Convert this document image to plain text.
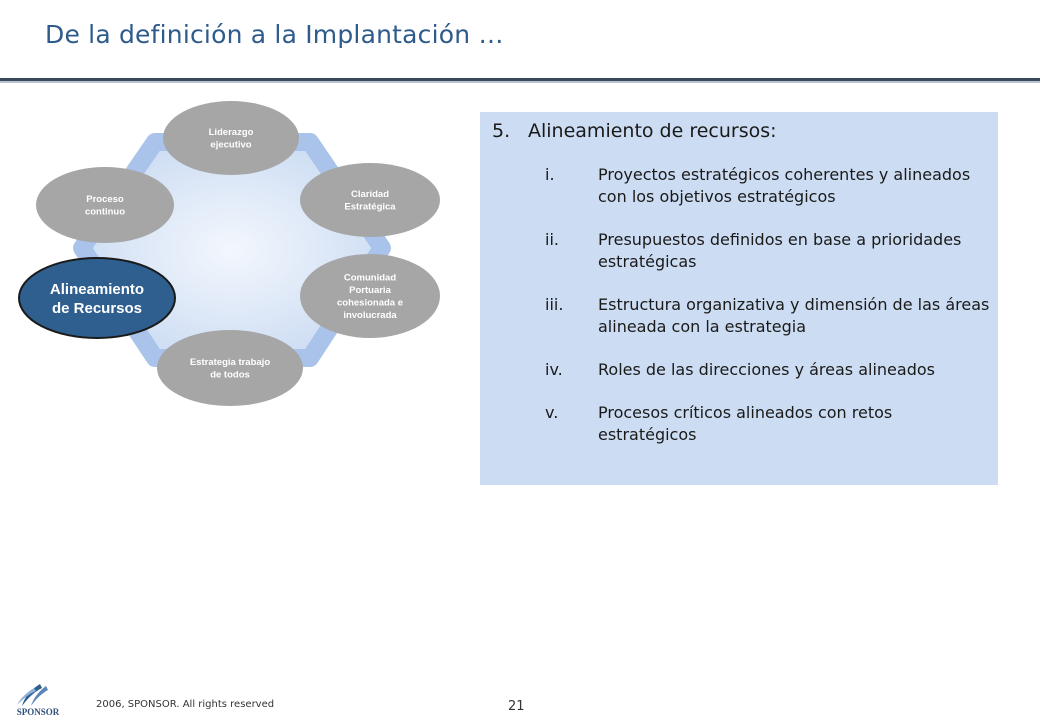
De la definición a la Implantación …
Liderazgo
ejecutivo
Claridad
Estratégica
Comunidad
Portuaria
cohesionada e
involucrada
Estrategia trabajo
de todos
Alineamiento
de Recursos
Proceso
continuo
5. Alineamiento de recursos:
i.	Proyectos estratégicos coherentes y alineados con los objetivos estratégicos
ii. Presupuestos definidos en base a prioridades estratégicas
iii. Estructura organizativa y dimensión de las áreas alineada con la estrategia
iv. Roles de las direcciones y áreas alineados
v. Procesos críticos alineados con retos estratégicos
SPONSOR
2006, SPONSOR. All rights reserved	21
